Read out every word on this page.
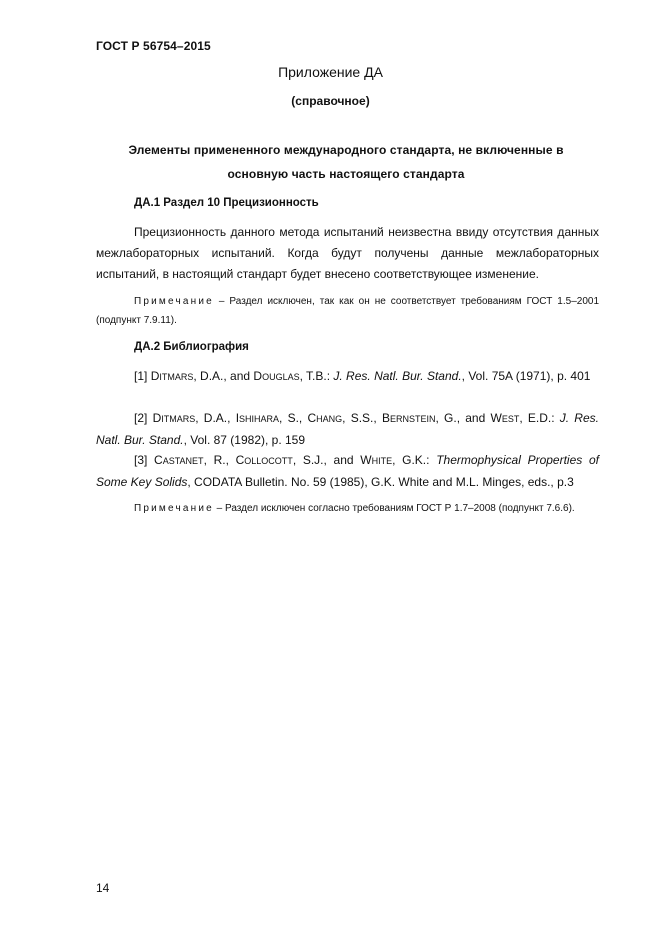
ГОСТ Р 56754–2015
Приложение ДА
(справочное)
Элементы примененного международного стандарта, не включенные в
основную часть настоящего стандарта
ДА.1 Раздел 10 Прецизионность
Прецизионность данного метода испытаний неизвестна ввиду отсутствия данных межлабораторных испытаний. Когда будут получены данные межлабораторных испытаний, в настоящий стандарт будет внесено соответствующее изменение.
Примечание – Раздел исключен, так как он не соответствует требованиям ГОСТ 1.5–2001 (подпункт 7.9.11).
ДА.2 Библиография
[1] DITMARS, D.A., and DOUGLAS, T.B.: J. Res. Natl. Bur. Stand., Vol. 75A (1971), p. 401
[2] DITMARS, D.A., ISHIHARA, S., CHANG, S.S., BERNSTEIN, G., and WEST, E.D.: J. Res. Natl. Bur. Stand., Vol. 87 (1982), p. 159
[3] CASTANET, R., COLLOCOTT, S.J., and WHITE, G.K.: Thermophysical Properties of Some Key Solids, CODATA Bulletin. No. 59 (1985), G.K. White and M.L. Minges, eds., p.3
Примечание – Раздел исключен согласно требованиям ГОСТ Р 1.7–2008 (подпункт 7.6.6).
14
